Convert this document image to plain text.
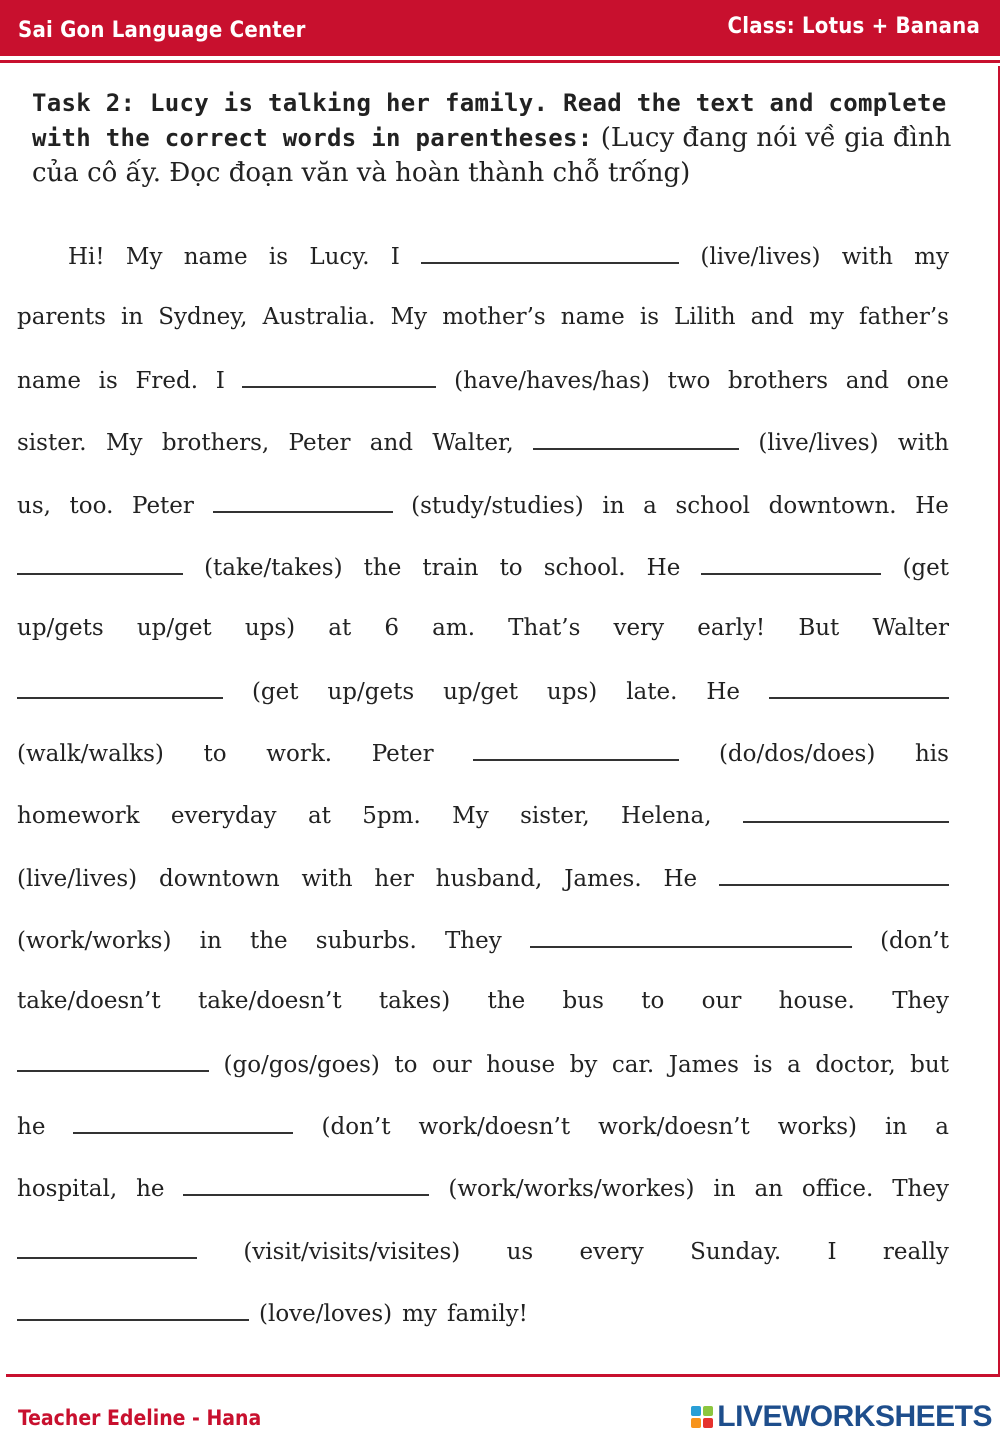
Sai Gon Language Center	Class: Lotus + Banana
Task 2: Lucy is talking her family. Read the text and complete with the correct words in parentheses: (Lucy đang nói về gia đình của cô ấy. Đọc đoạn văn và hoàn thành chỗ trống)
Hi! My name is Lucy. I	(live/lives) with my
parents in Sydney, Australia. My mother’s name is Lilith and my father’s
name is Fred. I	(have/haves/has) two brothers and one
sister. My brothers, Peter and Walter,	(live/lives) with
us, too. Peter	(study/studies) in a school downtown. He
(take/takes) the train to school. He	(get
up/gets up/get ups) at 6 am. That’s very early! But Walter
(get up/gets up/get ups) late. He
(walk/walks) to work. Peter	(do/dos/does) his
homework everyday at 5pm. My sister, Helena,
(live/lives) downtown with her husband, James. He
(work/works) in the suburbs. They	(don’t
take/doesn’t take/doesn’t takes) the bus to our house. They
(go/gos/goes) to our house by car. James is a doctor, but
he	(don’t work/doesn’t work/doesn’t works) in a
hospital, he	(work/works/workes) in an office. They
(visit/visits/visites) us every Sunday. I really
(love/loves) my family!
Teacher Edeline - Hana	LIVEWORKSHEETS
